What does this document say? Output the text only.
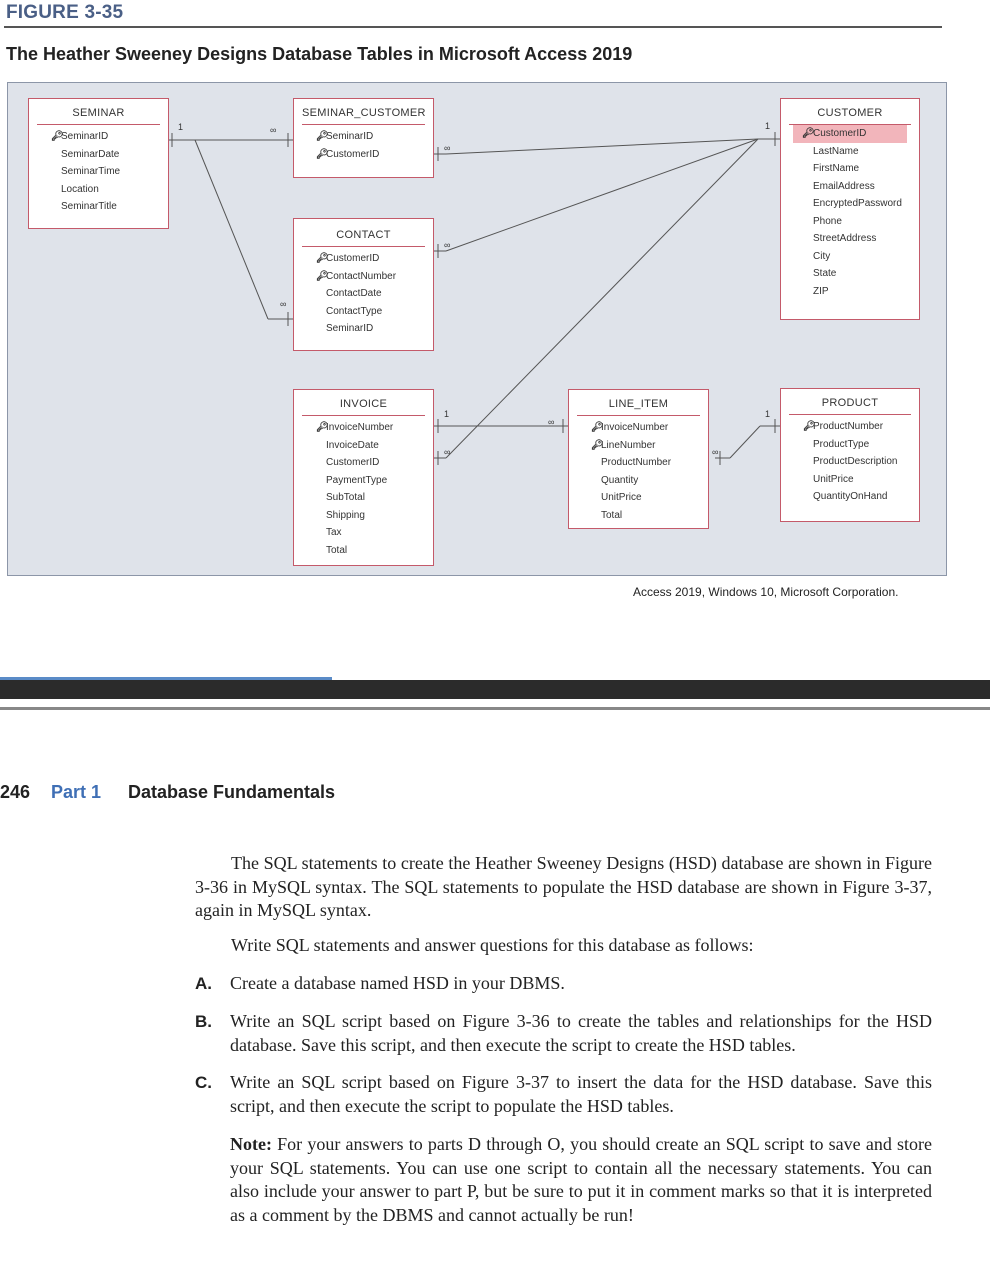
FIGURE 3-35
The Heather Sweeney Designs Database Tables in Microsoft Access 2019
1	∞
∞
∞
∞
1
1
∞
∞
∞
1
SEMINAR
🔑︎
SeminarID
SeminarDate
SeminarTime
Location
SeminarTitle
SEMINAR_CUSTOMER
🔑︎
SeminarID
🔑︎
CustomerID
CUSTOMER
🔑︎
CustomerID
LastName
FirstName
EmailAddress
EncryptedPassword
Phone
StreetAddress
City
State
ZIP
CONTACT
🔑︎
CustomerID
🔑︎
ContactNumber
ContactDate
ContactType
SeminarID
INVOICE
🔑︎
InvoiceNumber
InvoiceDate
CustomerID
PaymentType
SubTotal
Shipping
Tax
Total
LINE_ITEM
🔑︎
InvoiceNumber
🔑︎
LineNumber
ProductNumber
Quantity
UnitPrice
Total
PRODUCT
🔑︎
ProductNumber
ProductType
ProductDescription
UnitPrice
QuantityOnHand
Access 2019, Windows 10, Microsoft Corporation.
246 Part 1 Database Fundamentals
The SQL statements to create the Heather Sweeney Designs (HSD) database are shown in Figure 3-36 in MySQL syntax. The SQL statements to populate the HSD database are shown in Figure 3-37, again in MySQL syntax.
Write SQL statements and answer questions for this database as follows:
A. Create a database named HSD in your DBMS.
B. Write an SQL script based on Figure 3-36 to create the tables and relationships for the HSD database. Save this script, and then execute the script to create the HSD tables.
C. Write an SQL script based on Figure 3-37 to insert the data for the HSD database. Save this script, and then execute the script to populate the HSD tables.
Note: For your answers to parts D through O, you should create an SQL script to save and store your SQL statements. You can use one script to contain all the necessary statements. You can also include your answer to part P, but be sure to put it in comment marks so that it is interpreted as a comment by the DBMS and cannot actually be run!
